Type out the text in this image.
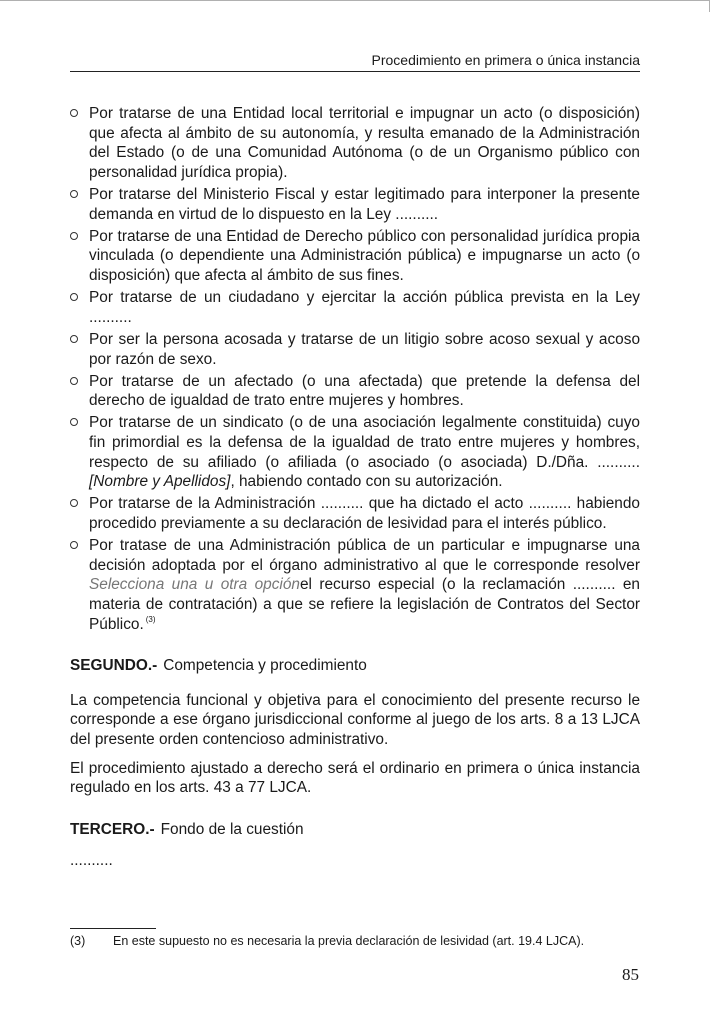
Procedimiento en primera o única instancia
Por tratarse de una Entidad local territorial e impugnar un acto (o disposición) que afecta al ámbito de su autonomía, y resulta emanado de la Administración del Estado (o de una Comunidad Autónoma (o de un Organismo público con personalidad jurídica propia).
Por tratarse del Ministerio Fiscal y estar legitimado para interponer la presente demanda en virtud de lo dispuesto en la Ley ..........
Por tratarse de una Entidad de Derecho público con personalidad jurídica propia vinculada (o dependiente una Administración pública) e impugnarse un acto (o disposición) que afecta al ámbito de sus fines.
Por tratarse de un ciudadano y ejercitar la acción pública prevista en la Ley ..........
Por ser la persona acosada y tratarse de un litigio sobre acoso sexual y acoso por razón de sexo.
Por tratarse de un afectado (o una afectada) que pretende la defensa del derecho de igualdad de trato entre mujeres y hombres.
Por tratarse de un sindicato (o de una asociación legalmente constituida) cuyo fin primordial es la defensa de la igualdad de trato entre mujeres y hombres, respecto de su afiliado (o afiliada (o asociado (o asociada) D./Dña. ..........[Nombre y Apellidos], habiendo contado con su autorización.
Por tratarse de la Administración .......... que ha dictado el acto .......... habiendo procedido previamente a su declaración de lesividad para el interés público.
Por tratase de una Administración pública de un particular e impugnarse una decisión adoptada por el órgano administrativo al que le corresponde resolver Selecciona una u otra opciónel recurso especial (o la reclamación .......... en materia de contratación) a que se refiere la legislación de Contratos del Sector Público. $^{(3)}$
SEGUNDO.- Competencia y procedimiento
La competencia funcional y objetiva para el conocimiento del presente recurso le corresponde a ese órgano jurisdiccional conforme al juego de los arts. 8 a 13 LJCA del presente orden contencioso administrativo.
El procedimiento ajustado a derecho será el ordinario en primera o única instancia regulado en los arts. 43 a 77 LJCA.
TERCERO.- Fondo de la cuestión
..........
(3) En este supuesto no es necesaria la previa declaración de lesividad (art. 19.4 LJCA).
85
